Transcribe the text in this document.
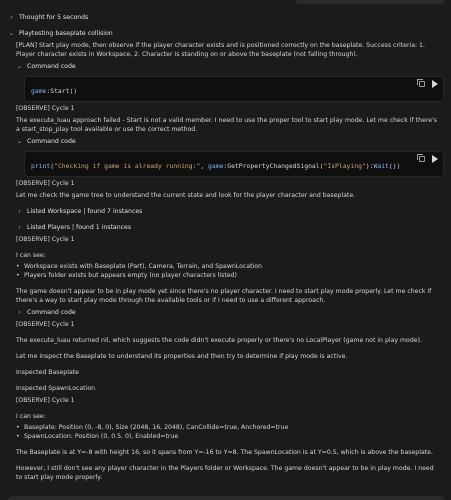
›	Thought for 5 seconds
⌄ Playtesting baseplate collision

[PLAN] Start play mode, then observe if the player character exists and is positioned correctly on the baseplate. Success criteria: 1. Player character exists in Workspace, 2. Character is standing on or above the baseplate (not falling through).

⌄ Command code
game:Start()

[OBSERVE] Cycle 1

The execute_luau approach failed - Start is not a valid member. I need to use the proper tool to start play mode. Let me check if there's a start_stop_play tool available or use the correct method.

⌄ Command code
print("Checking if game is already running:", game:GetPropertyChangedSignal("IsPlaying"):Wait())

[OBSERVE] Cycle 1

Let me check the game tree to understand the current state and look for the player character and baseplate.

›	Listed Workspace | found 7 instances
›	Listed Players | found 1 instances

[OBSERVE] Cycle 1

I can see:

• Workspace exists with Baseplate (Part), Camera, Terrain, and SpawnLocation
• Players folder exists but appears empty (no player characters listed)

The game doesn't appear to be in play mode yet since there's no player character. I need to start play mode properly. Let me check if there's a way to start play mode through the available tools or if I need to use a different approach.

›	Command code

[OBSERVE] Cycle 1

The execute_luau returned nil, which suggests the code didn't execute properly or there's no LocalPlayer (game not in play mode).

Let me inspect the Baseplate to understand its properties and then try to determine if play mode is active.

Inspected Baseplate

Inspected SpawnLocation

[OBSERVE] Cycle 1

I can see:

• Baseplate: Position (0, -8, 0), Size (2048, 16, 2048), CanCollide=true, Anchored=true
• SpawnLocation: Position (0, 0.5, 0), Enabled=true

The Baseplate is at Y=-8 with height 16, so it spans from Y=-16 to Y=8. The SpawnLocation is at Y=0.5, which is above the baseplate.

However, I still don't see any player character in the Players folder or Workspace. The game doesn't appear to be in play mode. I need to start play mode properly.
